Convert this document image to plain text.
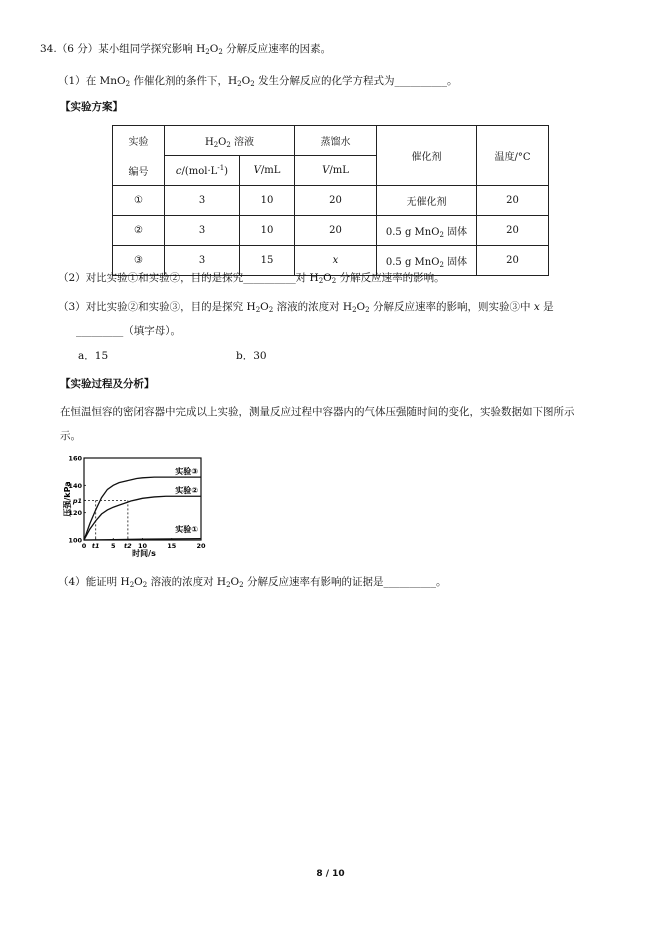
34.（6 分）某小组同学探究影响 $H_2O_2$ 分解反应速率的因素。
（1）在 MnO$_2$ 作催化剂的条件下，$H_2O_2$ 发生分解反应的化学方程式为__________。
【实验方案】
实验	$H_2O_2$ 溶液		蒸馏水	催化剂	温度/°C
编号	$c/(mol\cdot L^{-1})$	V/mL	V/mL		
①	3	10	20	无催化剂	20
②	3	10	20	0.5 g MnO$_2$ 固体	20
③	3	15	x	0.5 g MnO$_2$ 固体	20
（2）对比实验①和实验②，目的是探究__________对 $H_2O_2$ 分解反应速率的影响。
（3）对比实验②和实验③，目的是探究 $H_2O_2$ 溶液的浓度对 $H_2O_2$ 分解反应速率的影响，则实验③中 x 是
_________（填字母）。
a．15	b．30
【实验过程及分析】
在恒温恒容的密闭容器中完成以上实验，测量反应过程中容器内的气体压强随时间的变化，实验数据如下图所示
示。
0 t1 5 t2 10	15	20
100
120
p1
140
160
压强/kPa
时间/s
实验③
实验②
实验①
（4）能证明 $H_2O_2$ 溶液的浓度对 $H_2O_2$ 分解反应速率有影响的证据是__________。
8 / 10
